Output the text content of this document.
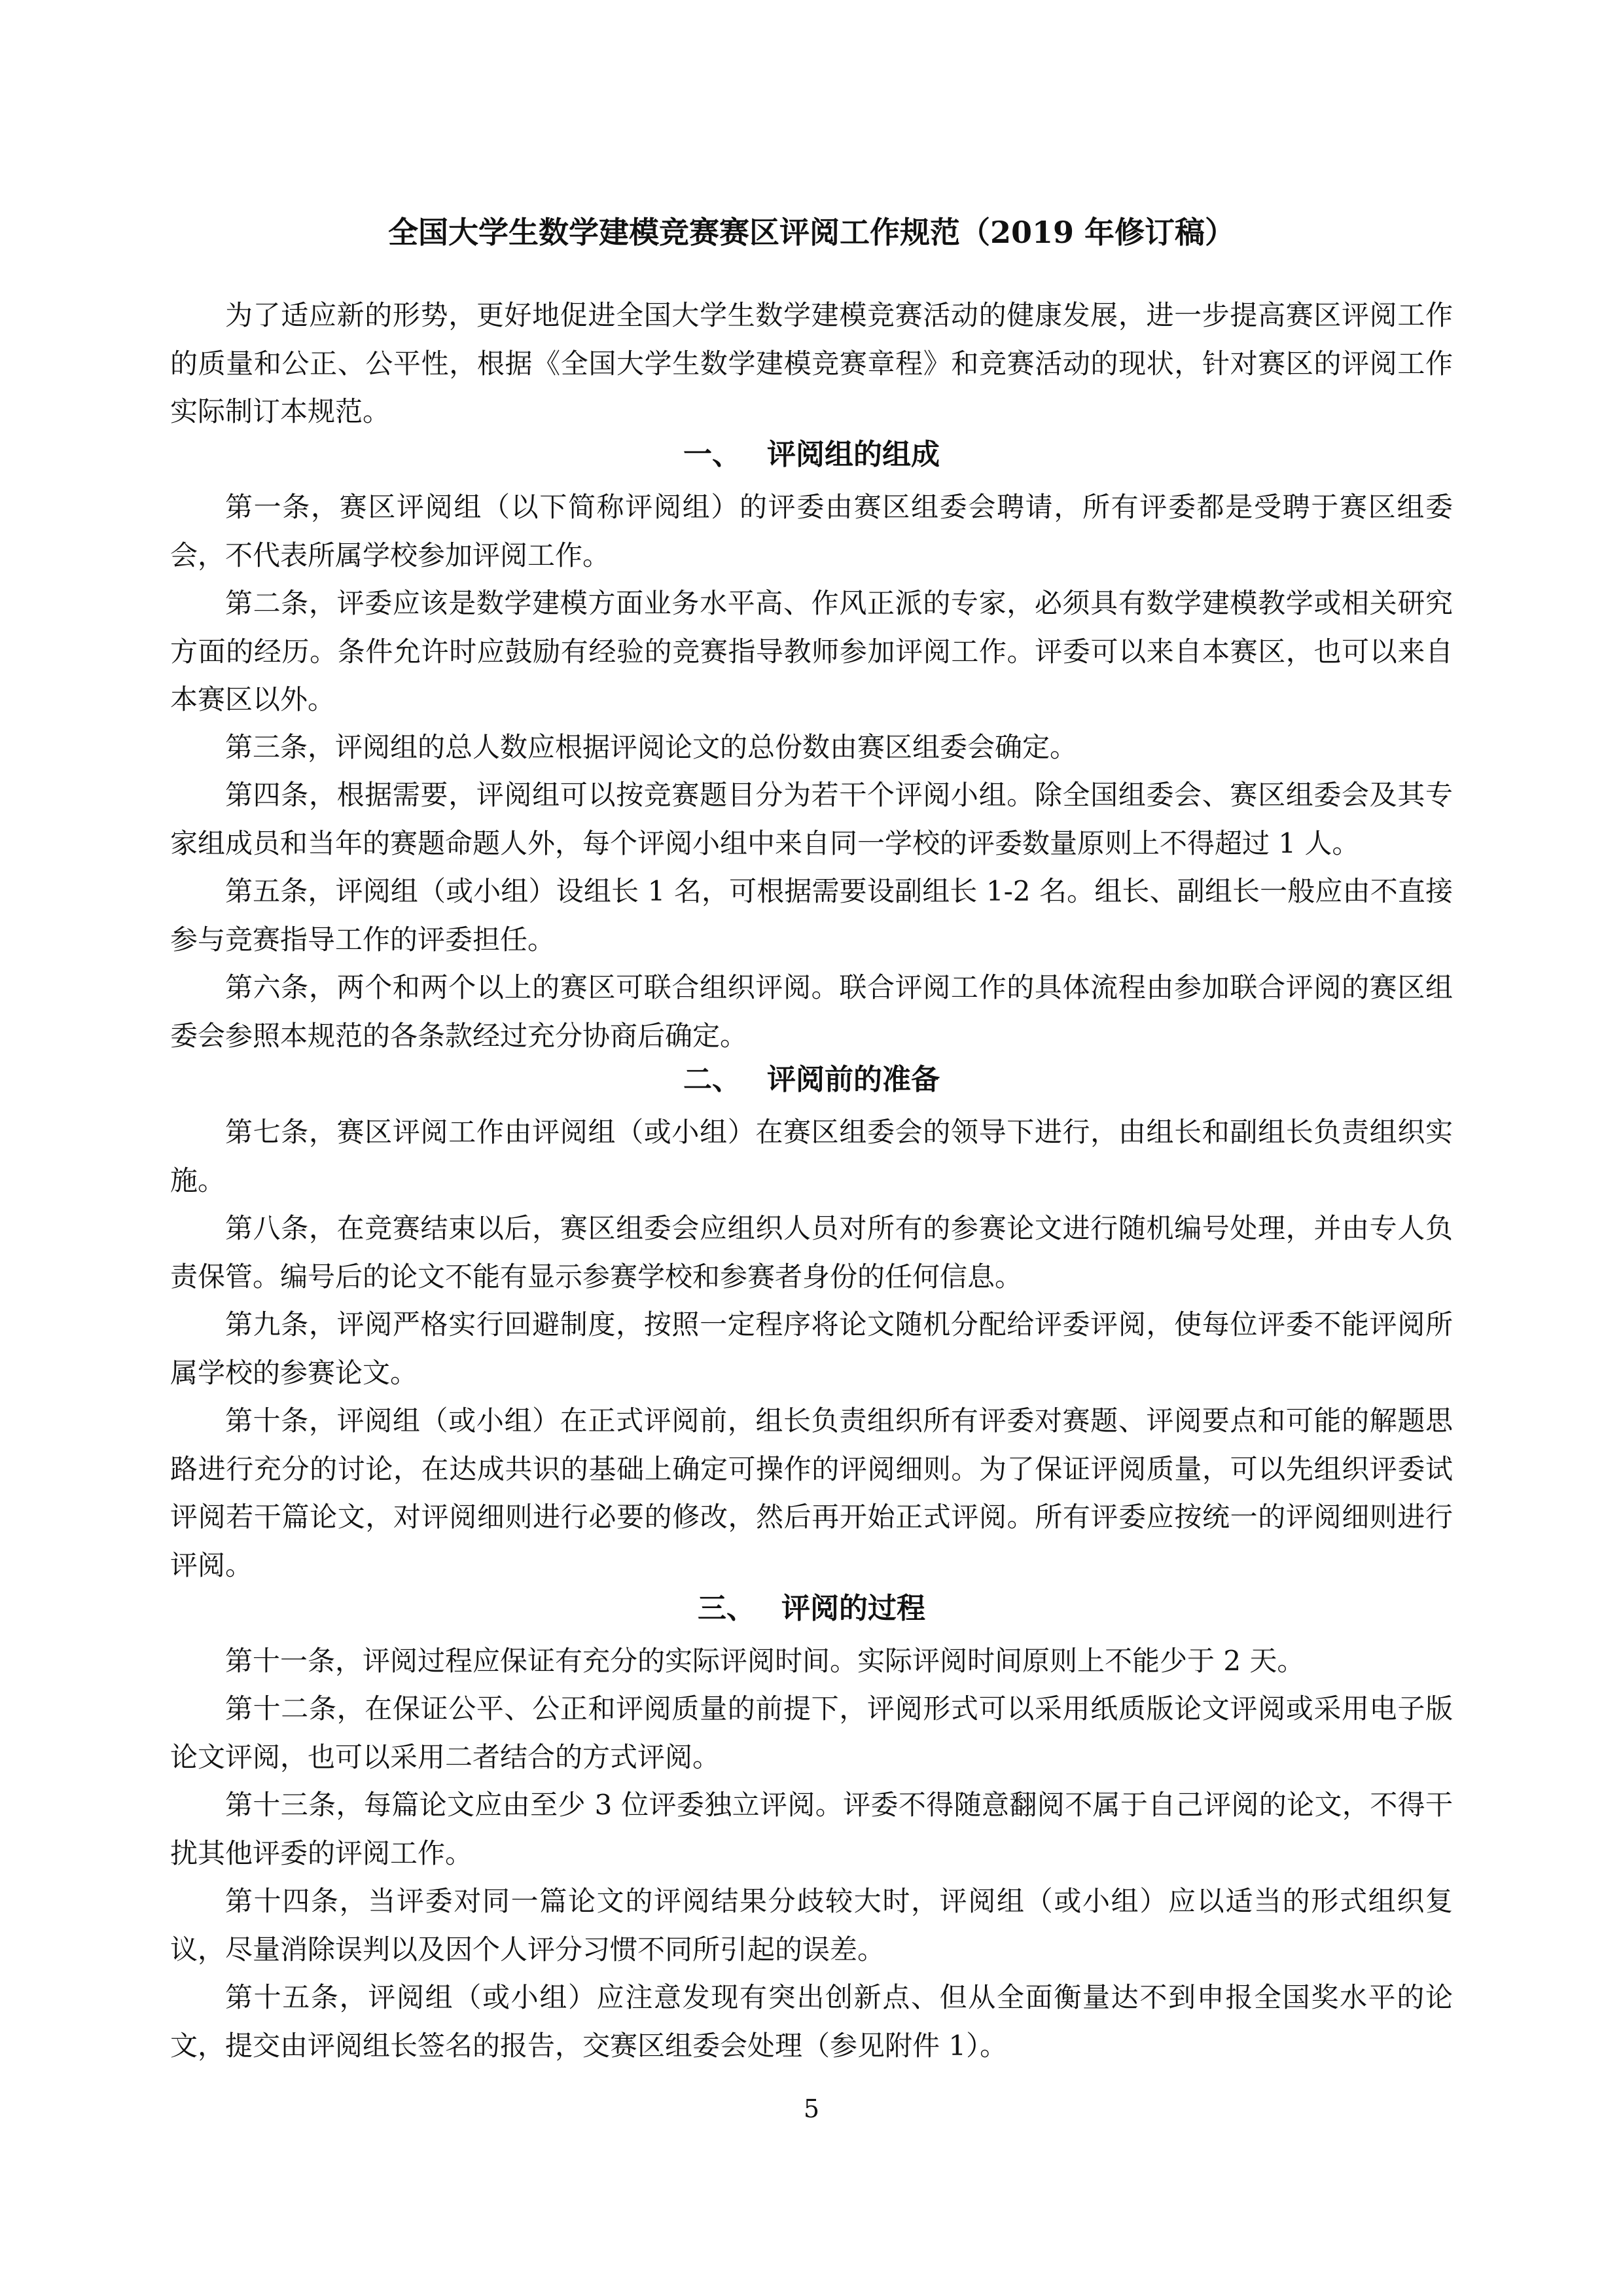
全国大学生数学建模竞赛赛区评阅工作规范（2019 年修订稿）

为了适应新的形势，更好地促进全国大学生数学建模竞赛活动的健康发展，进一步提高赛区评阅工作的质量和公正、公平性，根据《全国大学生数学建模竞赛章程》和竞赛活动的现状，针对赛区的评阅工作实际制订本规范。

一、 评阅组的组成

第一条，赛区评阅组（以下简称评阅组）的评委由赛区组委会聘请，所有评委都是受聘于赛区组委会，不代表所属学校参加评阅工作。

第二条，评委应该是数学建模方面业务水平高、作风正派的专家，必须具有数学建模教学或相关研究方面的经历。条件允许时应鼓励有经验的竞赛指导教师参加评阅工作。评委可以来自本赛区，也可以来自本赛区以外。

第三条，评阅组的总人数应根据评阅论文的总份数由赛区组委会确定。

第四条，根据需要，评阅组可以按竞赛题目分为若干个评阅小组。除全国组委会、赛区组委会及其专家组成员和当年的赛题命题人外，每个评阅小组中来自同一学校的评委数量原则上不得超过 1 人。

第五条，评阅组（或小组）设组长 1 名，可根据需要设副组长 1-2 名。组长、副组长一般应由不直接参与竞赛指导工作的评委担任。

第六条，两个和两个以上的赛区可联合组织评阅。联合评阅工作的具体流程由参加联合评阅的赛区组委会参照本规范的各条款经过充分协商后确定。

二、 评阅前的准备

第七条，赛区评阅工作由评阅组（或小组）在赛区组委会的领导下进行，由组长和副组长负责组织实施。

第八条，在竞赛结束以后，赛区组委会应组织人员对所有的参赛论文进行随机编号处理，并由专人负责保管。编号后的论文不能有显示参赛学校和参赛者身份的任何信息。

第九条，评阅严格实行回避制度，按照一定程序将论文随机分配给评委评阅，使每位评委不能评阅所属学校的参赛论文。

第十条，评阅组（或小组）在正式评阅前，组长负责组织所有评委对赛题、评阅要点和可能的解题思路进行充分的讨论，在达成共识的基础上确定可操作的评阅细则。为了保证评阅质量，可以先组织评委试评阅若干篇论文，对评阅细则进行必要的修改，然后再开始正式评阅。所有评委应按统一的评阅细则进行评阅。

三、 评阅的过程

第十一条，评阅过程应保证有充分的实际评阅时间。实际评阅时间原则上不能少于 2 天。

第十二条，在保证公平、公正和评阅质量的前提下，评阅形式可以采用纸质版论文评阅或采用电子版论文评阅，也可以采用二者结合的方式评阅。

第十三条，每篇论文应由至少 3 位评委独立评阅。评委不得随意翻阅不属于自己评阅的论文，不得干扰其他评委的评阅工作。

第十四条，当评委对同一篇论文的评阅结果分歧较大时，评阅组（或小组）应以适当的形式组织复议，尽量消除误判以及因个人评分习惯不同所引起的误差。

第十五条，评阅组（或小组）应注意发现有突出创新点、但从全面衡量达不到申报全国奖水平的论文，提交由评阅组长签名的报告，交赛区组委会处理（参见附件 1）。

5
